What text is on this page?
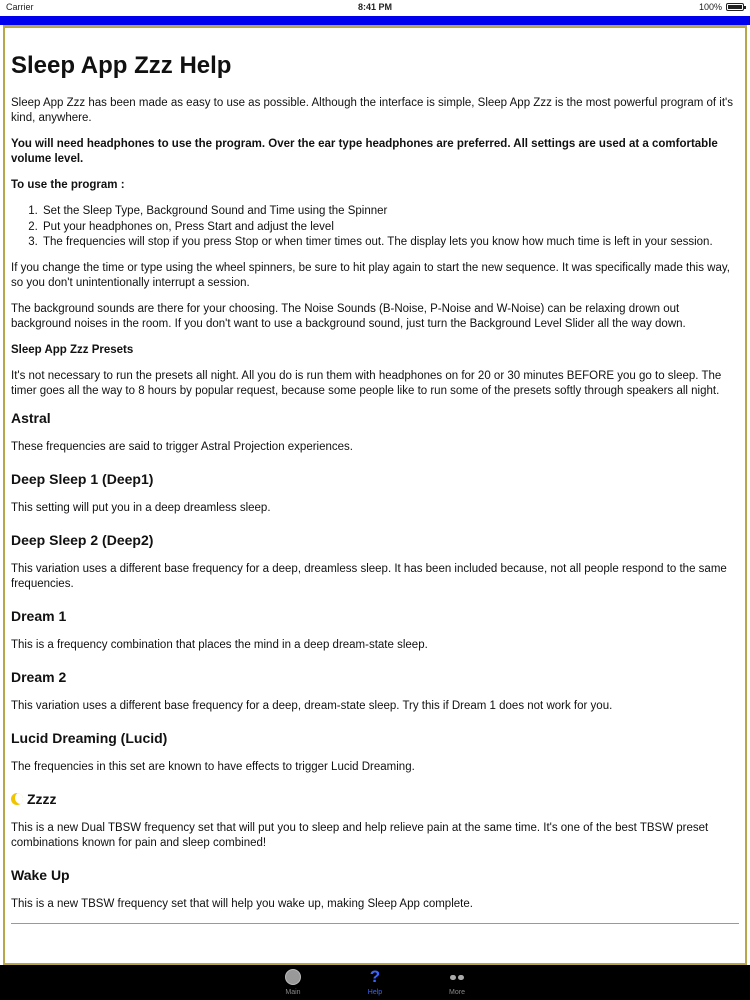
Carrier	8:41 PM	100%
Sleep App Zzz Help

Sleep App Zzz has been made as easy to use as possible. Although the interface is simple, Sleep App Zzz is the most powerful program of it's kind, anywhere.

You will need headphones to use the program. Over the ear type headphones are preferred. All settings are used at a comfortable volume level.

To use the program :

1. Set the Sleep Type, Background Sound and Time using the Spinner
2. Put your headphones on, Press Start and adjust the level
3. The frequencies will stop if you press Stop or when timer times out. The display lets you know how much time is left in your session.

If you change the time or type using the wheel spinners, be sure to hit play again to start the new sequence. It was specifically made this way, so you don't unintentionally interrupt a session.

The background sounds are there for your choosing. The Noise Sounds (B-Noise, P-Noise and W-Noise) can be relaxing drown out background noises in the room. If you don't want to use a background sound, just turn the Background Level Slider all the way down.

Sleep App Zzz Presets

It's not necessary to run the presets all night. All you do is run them with headphones on for 20 or 30 minutes BEFORE you go to sleep. The timer goes all the way to 8 hours by popular request, because some people like to run some of the presets softly through speakers all night.

Astral

These frequencies are said to trigger Astral Projection experiences.

Deep Sleep 1 (Deep1)

This setting will put you in a deep dreamless sleep.

Deep Sleep 2 (Deep2)

This variation uses a different base frequency for a deep, dreamless sleep. It has been included because, not all people respond to the same frequencies.

Dream 1

This is a frequency combination that places the mind in a deep dream-state sleep.

Dream 2

This variation uses a different base frequency for a deep, dream-state sleep. Try this if Dream 1 does not work for you.

Lucid Dreaming (Lucid)

The frequencies in this set are known to have effects to trigger Lucid Dreaming.

Zzzz

This is a new Dual TBSW frequency set that will put you to sleep and help relieve pain at the same time. It's one of the best TBSW preset combinations known for pain and sleep combined!

Wake Up

This is a new TBSW frequency set that will help you wake up, making Sleep App complete.

Main
?
Help	More
